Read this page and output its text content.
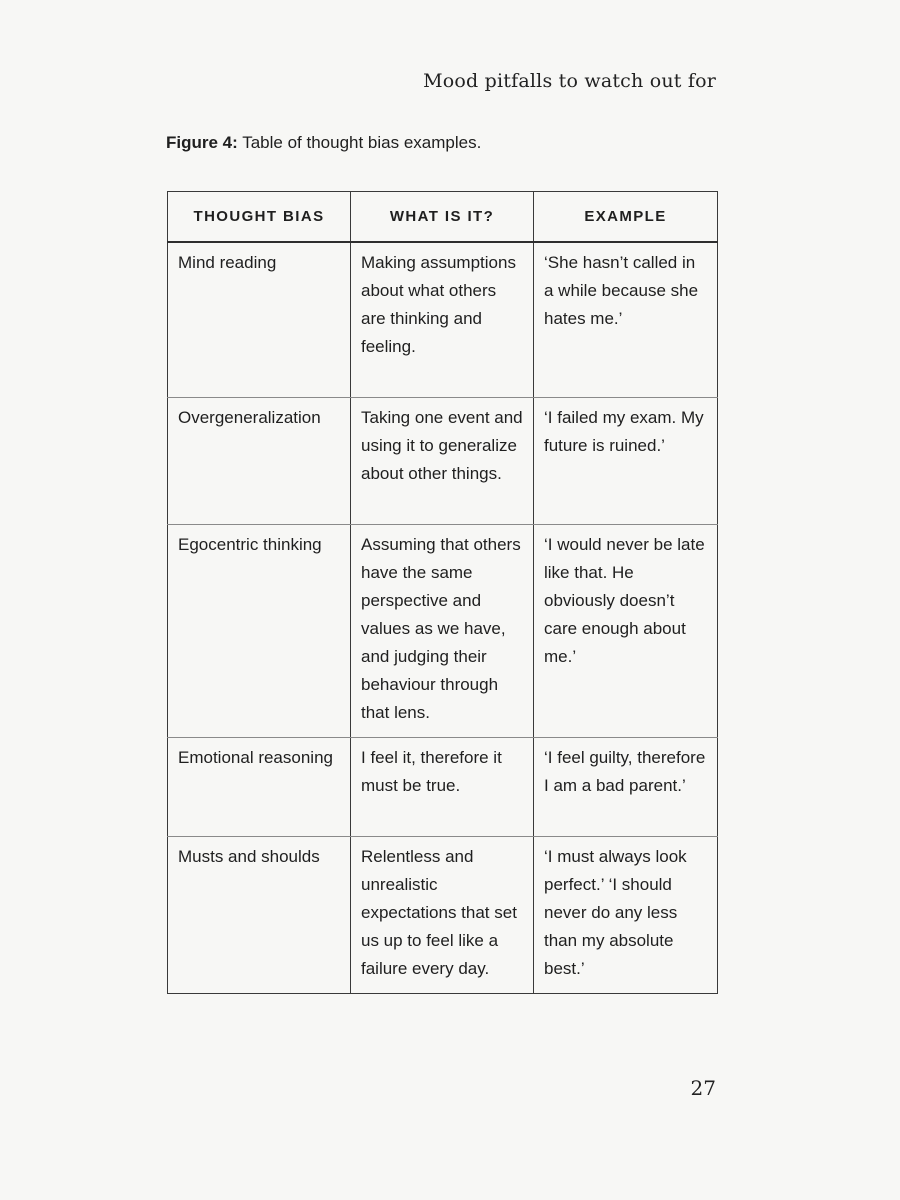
Mood pitfalls to watch out for
Figure 4: Table of thought bias examples.
THOUGHT BIAS	WHAT IS IT?	EXAMPLE
Mind reading	Making assumptions about what others are thinking and feeling.	‘She hasn’t called in a while because she hates me.’
Overgeneralization	Taking one event and using it to generalize about other things.	‘I failed my exam. My future is ruined.’
Egocentric thinking	Assuming that others have the same perspective and values as we have, and judging their behaviour through that lens.	‘I would never be late like that. He obviously doesn’t care enough about me.’
Emotional reasoning	I feel it, therefore it must be true.	‘I feel guilty, therefore I am a bad parent.’
Musts and shoulds	Relentless and unrealistic expectations that set us up to feel like a failure every day.	‘I must always look perfect.’ ‘I should never do any less than my absolute best.’
27
